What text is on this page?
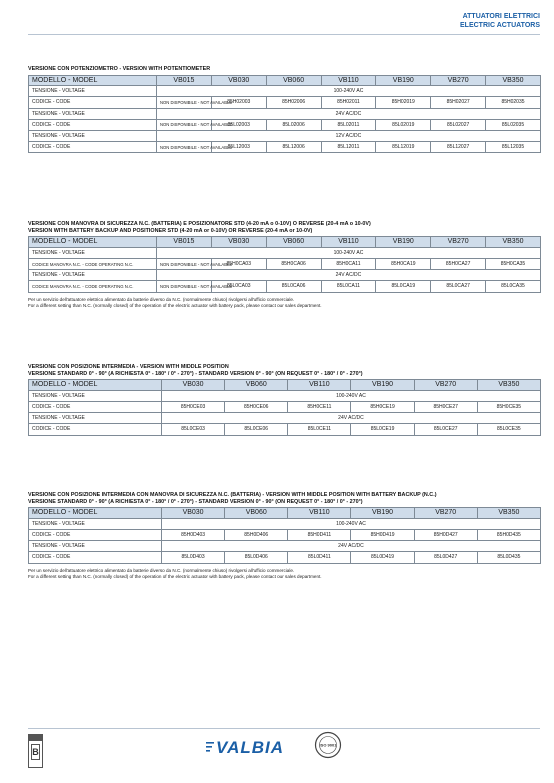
ATTUATORI ELETTRICI
ELECTRIC ACTUATORS
VERSIONE CON POTENZIOMETRO - VERSION WITH POTENTIOMETER
MODELLO - MODEL	VB015	VB030	VB060	VB110	VB190	VB270	VB350
TENSIONE - VOLTAGE	100-240V AC						
CODICE - CODE	NON DISPONIBILE - NOT AVAILABLE	85H02003	85H02006	85H02011	85H02019	85H02027	85H02035
TENSIONE - VOLTAGE	24V AC/DC						
CODICE - CODE	NON DISPONIBILE - NOT AVAILABLE	85L02003	85L02006	85L02011	85L02019	85L02027	85L02035
TENSIONE - VOLTAGE	12V AC/DC						
CODICE - CODE	NON DISPONIBILE - NOT AVAILABLE	85L12003	85L12006	85L12011	85L12019	85L12027	85L12035
VERSIONE CON MANOVRA DI SICUREZZA N.C. (BATTERIA) E POSIZIONATORE STD (4-20 mA o 0-10V) O REVERSE (20-4 mA o 10-0V)
VERSION WITH BATTERY BACKUP AND POSITIONER STD (4-20 mA or 0-10V) OR REVERSE (20-4 mA or 10-0V)
MODELLO - MODEL	VB015	VB030	VB060	VB110	VB190	VB270	VB350
TENSIONE - VOLTAGE	100-240V AC						
CODICE MANOVRA N.C. - CODE OPERATING N.C.	NON DISPONIBILE - NOT AVAILABLE	85H0CA03	85H0CA06	85H0CA11	85H0CA19	85H0CA27	85H0CA35
TENSIONE - VOLTAGE	24V AC/DC						
CODICE MANOVRA N.C. - CODE OPERATING N.C.	NON DISPONIBILE - NOT AVAILABLE	85L0CA03	85L0CA06	85L0CA11	85L0CA19	85L0CA27	85L0CA35
Per un servizio dell'attuatore elettrico alimentato da batterie diverso da N.C. (normalmente chiuso) rivolgersi all'ufficio commerciale.
For a different setting than N.C. (normally closed) of the operation of the electric actuator with battery pack, please contact our sales department.
VERSIONE CON POSIZIONE INTERMEDIA - VERSION WITH MIDDLE POSITION
VERSIONE STANDARD 0° - 90° (A RICHIESTA 0° - 180° / 0° - 270°) - STANDARD VERSION 0° - 90° (ON REQUEST 0° - 180° / 0° - 270°)
MODELLO - MODEL	VB030	VB060	VB110	VB190	VB270	VB350
TENSIONE - VOLTAGE	100-240V AC					
CODICE - CODE	85H0CE03	85H0CE06	85H0CE11	85H0CE19	85H0CE27	85H0CE35
TENSIONE - VOLTAGE	24V AC/DC					
CODICE - CODE	85L0CE03	85L0CE06	85L0CE11	85L0CE19	85L0CE27	85L0CE35
VERSIONE CON POSIZIONE INTERMEDIA CON MANOVRA DI SICUREZZA N.C. (BATTERIA) - VERSION WITH MIDDLE POSITION WITH BATTERY BACKUP (N.C.)
VERSIONE STANDARD 0° - 90° (A RICHIESTA 0° - 180° / 0° - 270°) - STANDARD VERSION 0° - 90° (ON REQUEST 0° - 180° / 0° - 270°)
MODELLO - MODEL	VB030	VB060	VB110	VB190	VB270	VB350
TENSIONE - VOLTAGE	100-240V AC					
CODICE - CODE	85H0D403	85H0D406	85H0D411	85H0D419	85H0D427	85H0D435
TENSIONE - VOLTAGE	24V AC/DC					
CODICE - CODE	85L0D403	85L0D406	85L0D411	85L0D419	85L0D427	85L0D435
Per un servizio dell'attuatore elettrico alimentato da batterie diverso da N.C. (normalmente chiuso) rivolgersi all'ufficio commerciale.
For a different setting than N.C. (normally closed) of the operation of the electric actuator with battery pack, please contact our sales department.
B	VALBIA	ISO 9001
